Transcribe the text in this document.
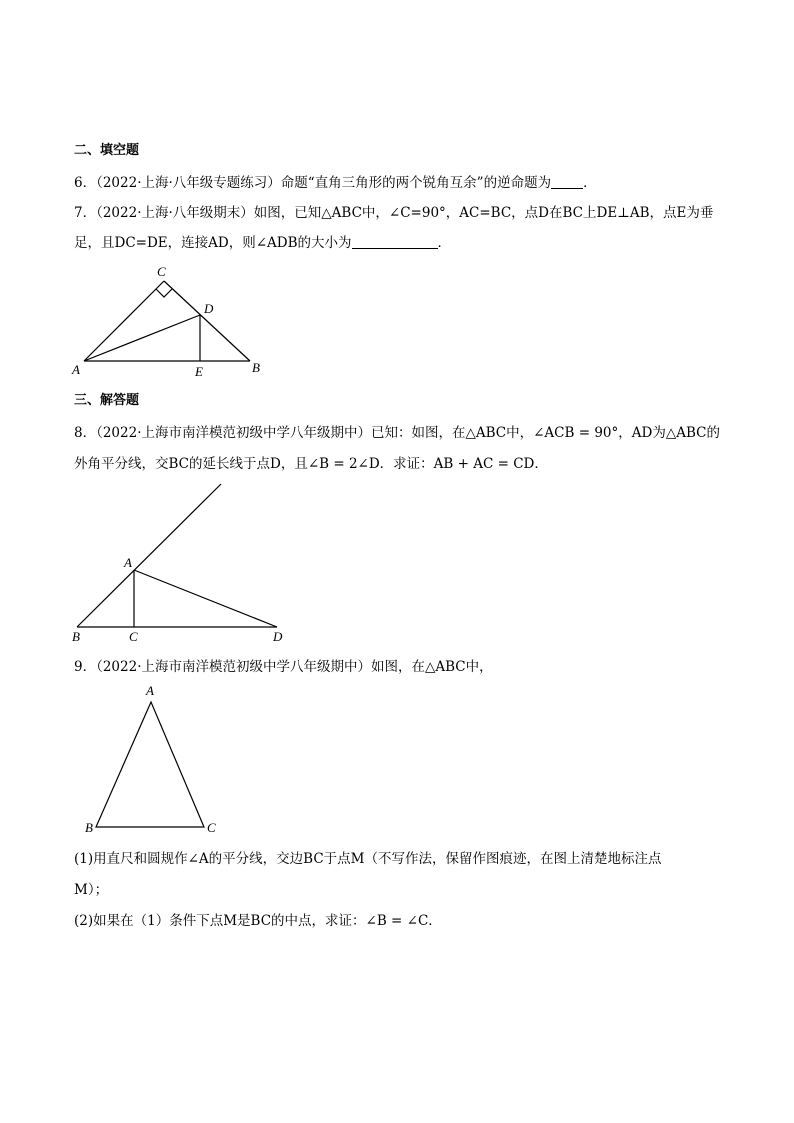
二、填空题
6．（2022·上海·八年级专题练习）命题“直角三角形的两个锐角互余”的逆命题为 ．
7．（2022·上海·八年级期末）如图，已知△ABC中，∠C=90°，AC=BC，点D在BC上DE⊥AB，点E为垂
足，且DC=DE，连接AD，则∠ADB的大小为	．
C
D
A	E	B
三、解答题
8．（2022·上海市南洋模范初级中学八年级期中）已知：如图，在△ABC中，∠ACB = 90°，AD为△ABC的
外角平分线，交BC的延长线于点D，且∠B = 2∠D．求证：AB + AC = CD．
A
B	C	D
9．（2022·上海市南洋模范初级中学八年级期中）如图，在△ABC中，
A
B	C
(1)用直尺和圆规作∠A的平分线，交边BC于点M（不写作法，保留作图痕迹，在图上清楚地标注点
M）；
(2)如果在（1）条件下点M是BC的中点，求证：∠B = ∠C．
